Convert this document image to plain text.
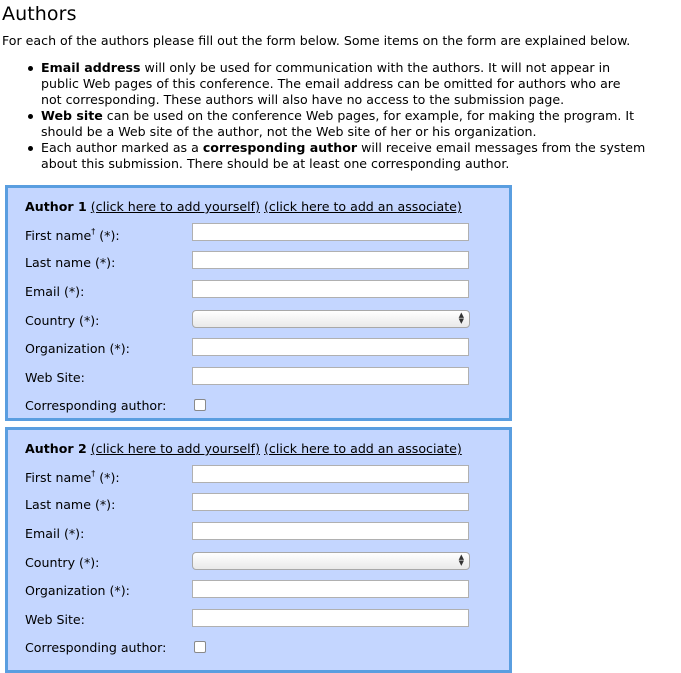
Authors
For each of the authors please fill out the form below. Some items on the form are explained below.
Email address will only be used for communication with the authors. It will not appear in
public Web pages of this conference. The email address can be omitted for authors who are
not corresponding. These authors will also have no access to the submission page.
Web site can be used on the conference Web pages, for example, for making the program. It
should be a Web site of the author, not the Web site of her or his organization.
Each author marked as a corresponding author will receive email messages from the system
about this submission. There should be at least one corresponding author.
Author 1 (click here to add yourself) (click here to add an associate)
First name† (*):
Last name (*):
Email (*):
Country (*):	▲
▼
Organization (*):
Web Site:
Corresponding author:
Author 2 (click here to add yourself) (click here to add an associate)
First name† (*):
Last name (*):
Email (*):
Country (*):	▲
▼
Organization (*):
Web Site:
Corresponding author:
